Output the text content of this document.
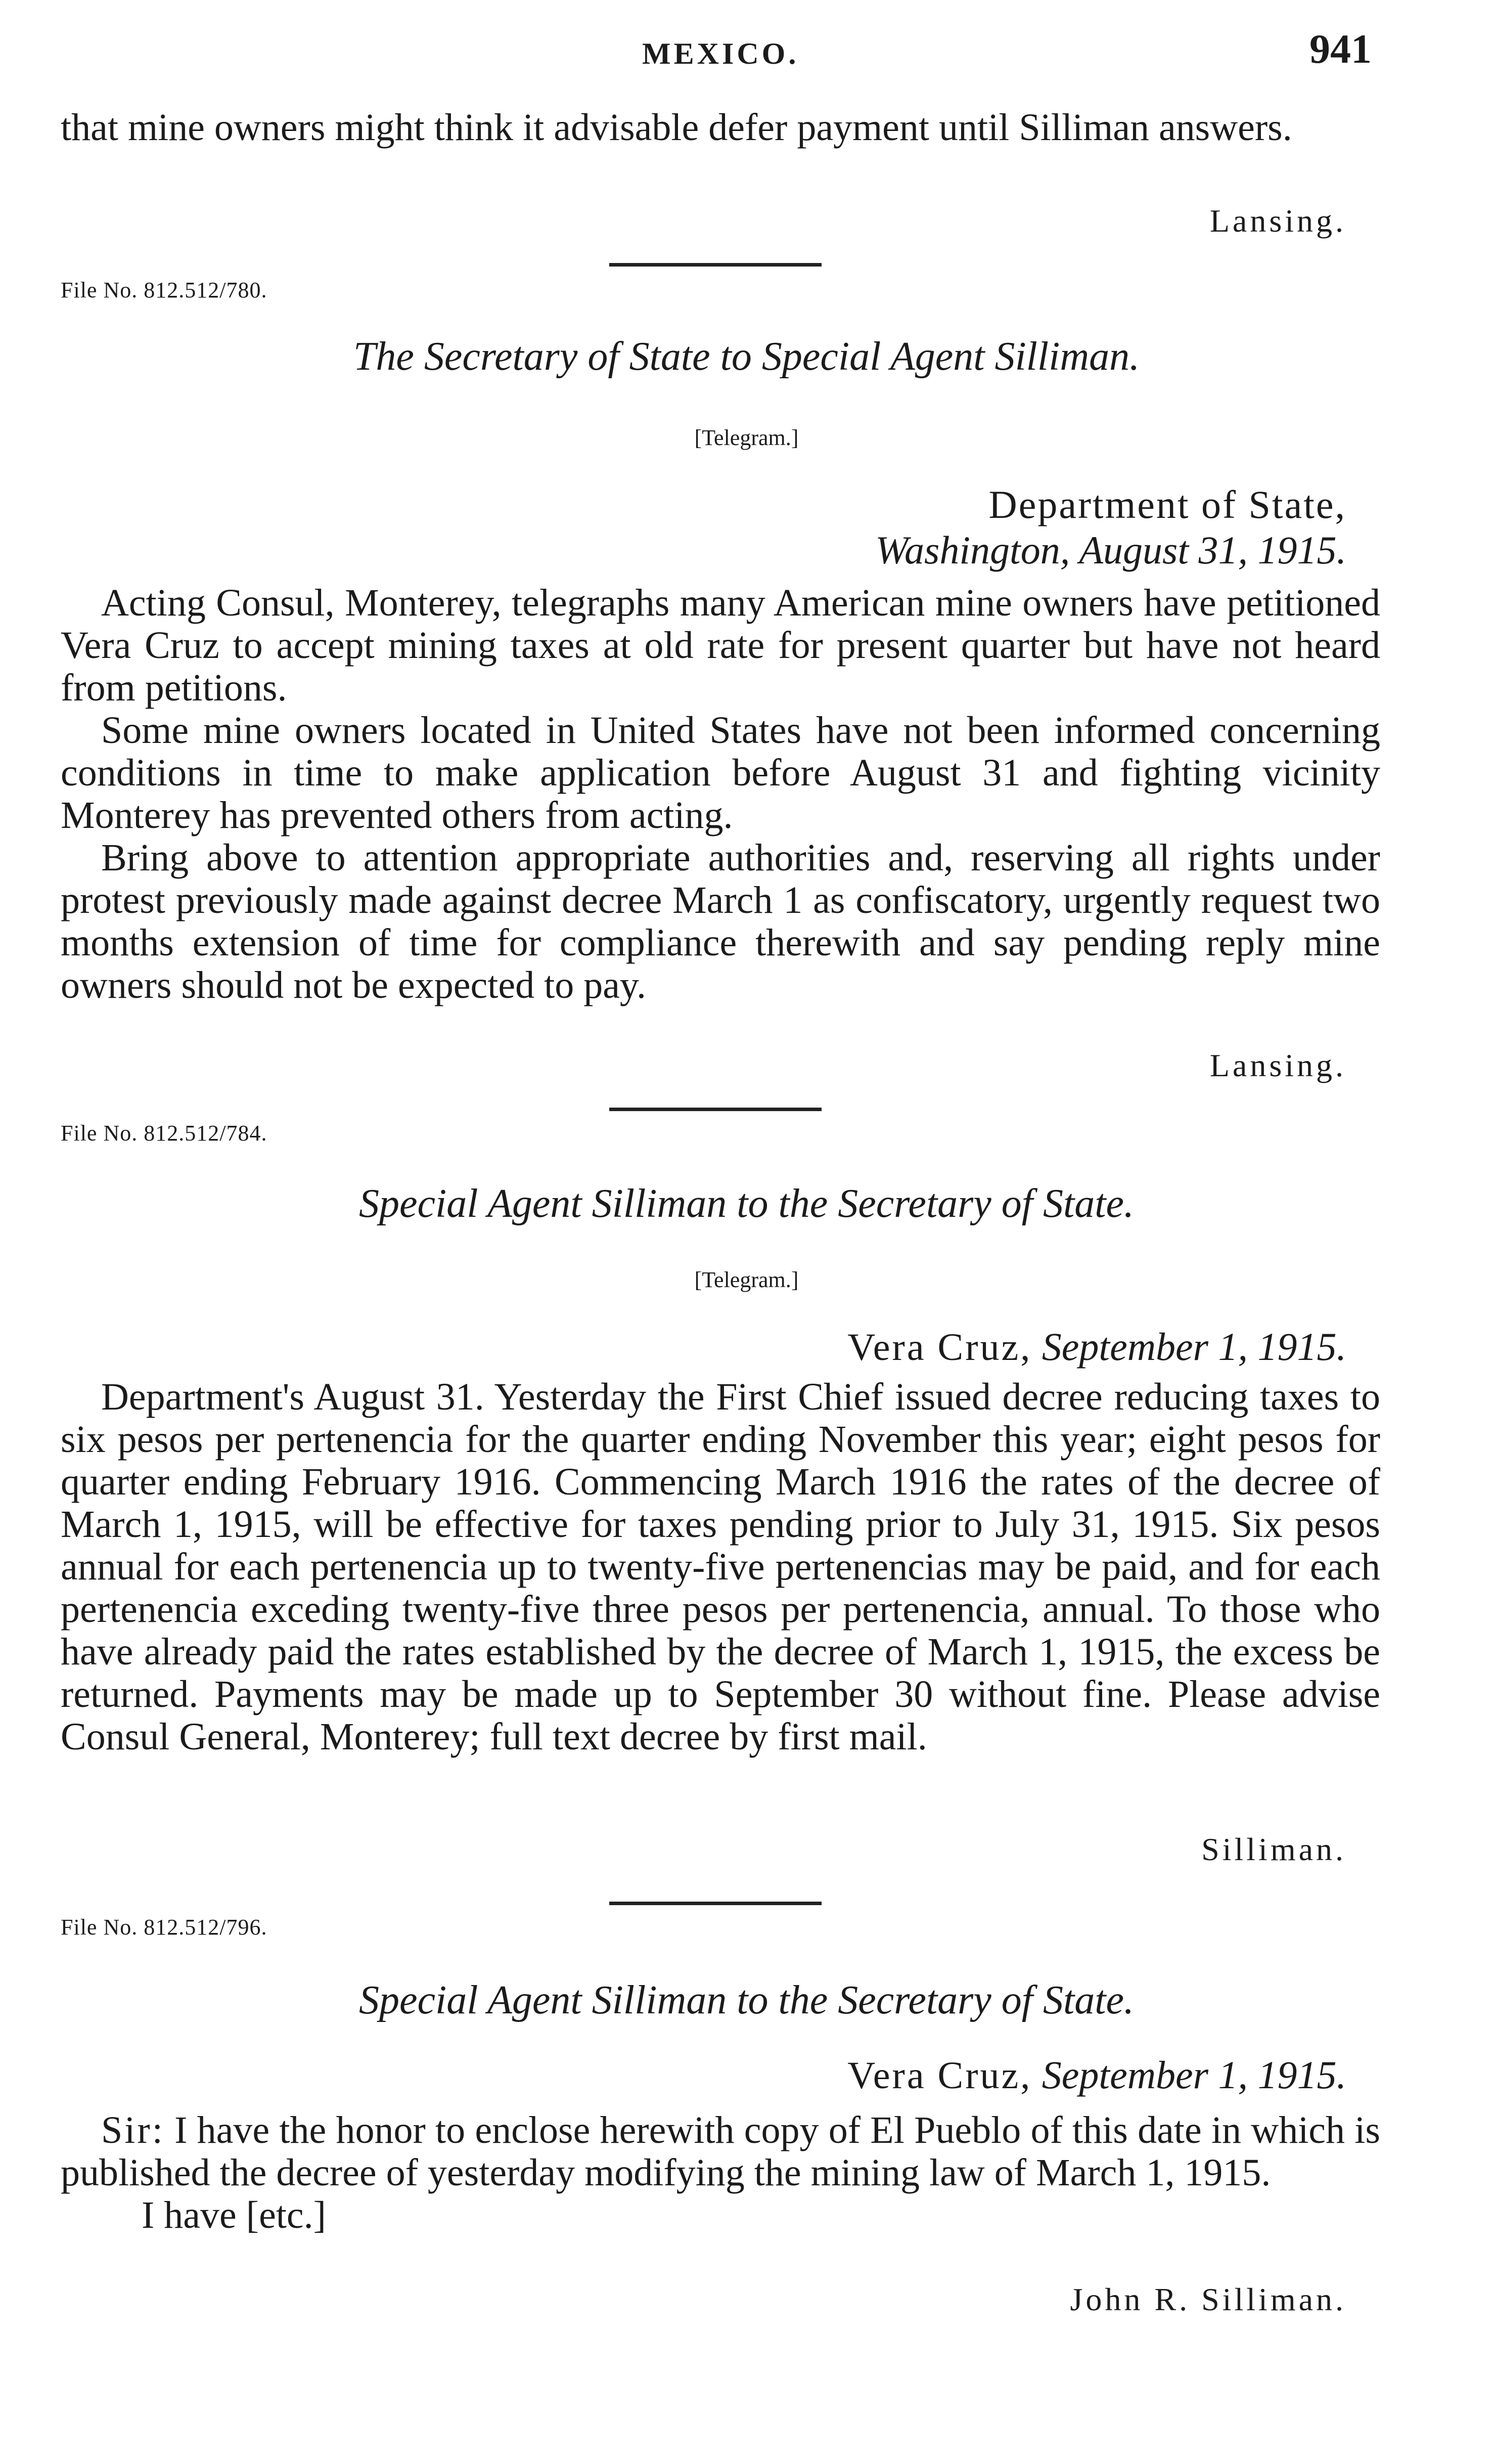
MEXICO.	941

that mine owners might think it advisable defer payment until Silliman answers.

Lansing.
File No. 812.512/780.
The Secretary of State to Special Agent Silliman.
[Telegram.]
Department of State,
Washington, August 31, 1915.

Acting Consul, Monterey, telegraphs many American mine owners have petitioned Vera Cruz to accept mining taxes at old rate for present quarter but have not heard from petitions.

Some mine owners located in United States have not been informed concerning conditions in time to make application before August 31 and fighting vicinity Monterey has prevented others from acting.

Bring above to attention appropriate authorities and, reserving all rights under protest previously made against decree March 1 as confiscatory, urgently request two months extension of time for compliance therewith and say pending reply mine owners should not be expected to pay.

Lansing.
File No. 812.512/784.
Special Agent Silliman to the Secretary of State.
[Telegram.]
Vera Cruz, September 1, 1915.

Department's August 31. Yesterday the First Chief issued decree reducing taxes to six pesos per pertenencia for the quarter ending November this year; eight pesos for quarter ending February 1916. Commencing March 1916 the rates of the decree of March 1, 1915, will be effective for taxes pending prior to July 31, 1915. Six pesos annual for each pertenencia up to twenty-five pertenencias may be paid, and for each pertenencia exceding twenty-five three pesos per pertenencia, annual. To those who have already paid the rates established by the decree of March 1, 1915, the excess be returned. Payments may be made up to September 30 without fine. Please advise Consul General, Monterey; full text decree by first mail.

Silliman.
File No. 812.512/796.
Special Agent Silliman to the Secretary of State.
Vera Cruz, September 1, 1915.

Sir: I have the honor to enclose herewith copy of El Pueblo of this date in which is published the decree of yesterday modifying the mining law of March 1, 1915.

I have [etc.]

John R. Silliman.
